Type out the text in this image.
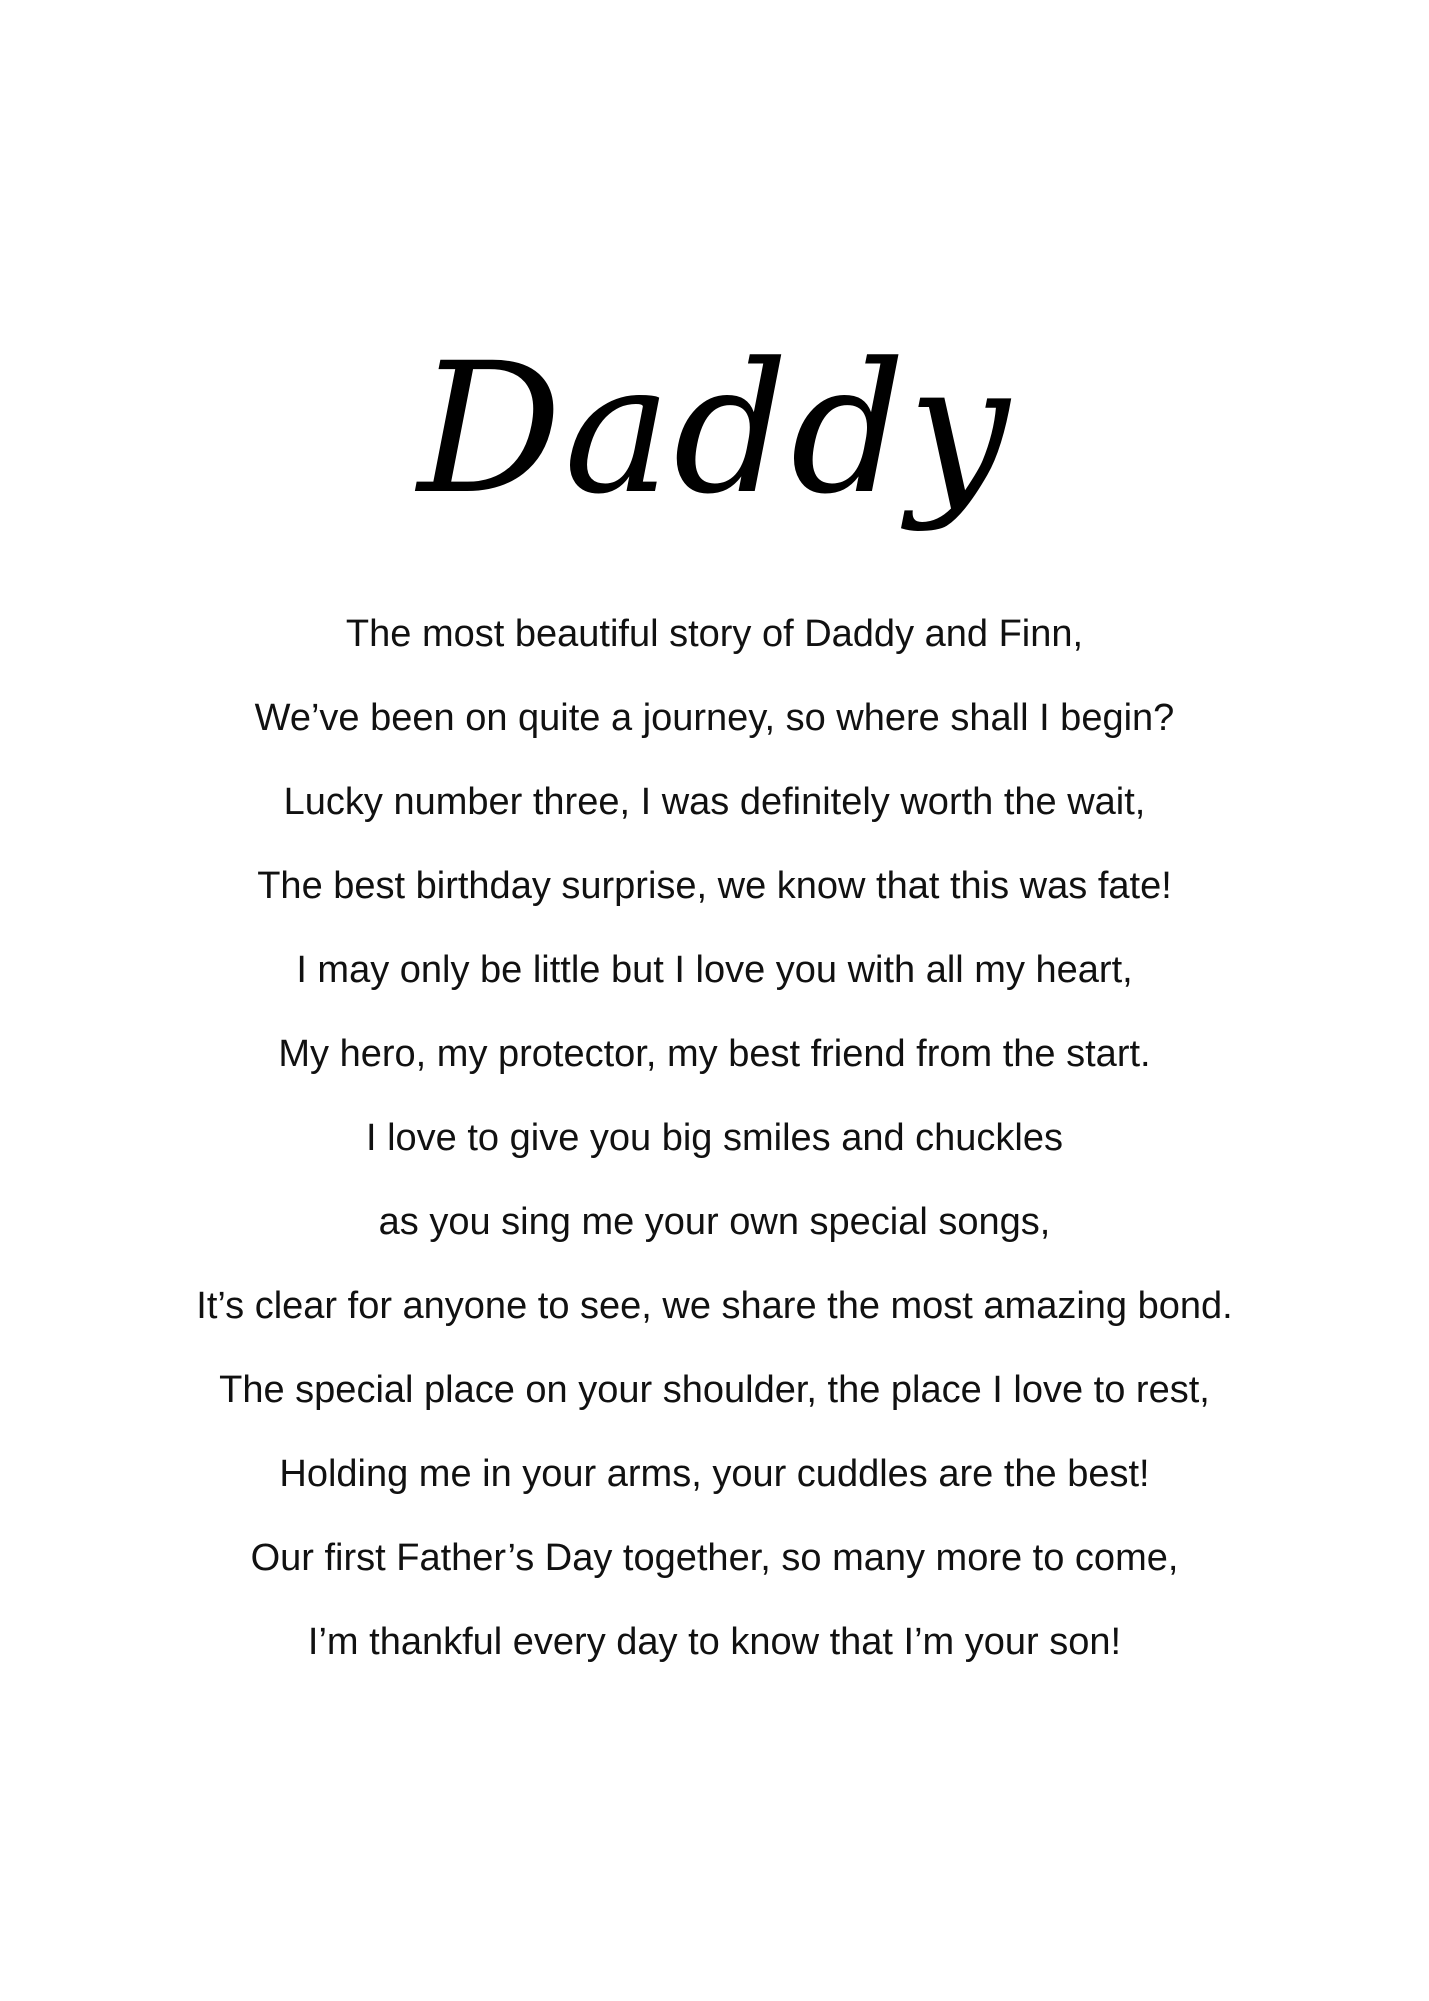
Daddy
The most beautiful story of Daddy and Finn,
We’ve been on quite a journey, so where shall I begin?
Lucky number three, I was definitely worth the wait,
The best birthday surprise, we know that this was fate!
I may only be little but I love you with all my heart,
My hero, my protector, my best friend from the start.
I love to give you big smiles and chuckles
as you sing me your own special songs,
It’s clear for anyone to see, we share the most amazing bond.
The special place on your shoulder, the place I love to rest,
Holding me in your arms, your cuddles are the best!
Our first Father’s Day together, so many more to come,
I’m thankful every day to know that I’m your son!
